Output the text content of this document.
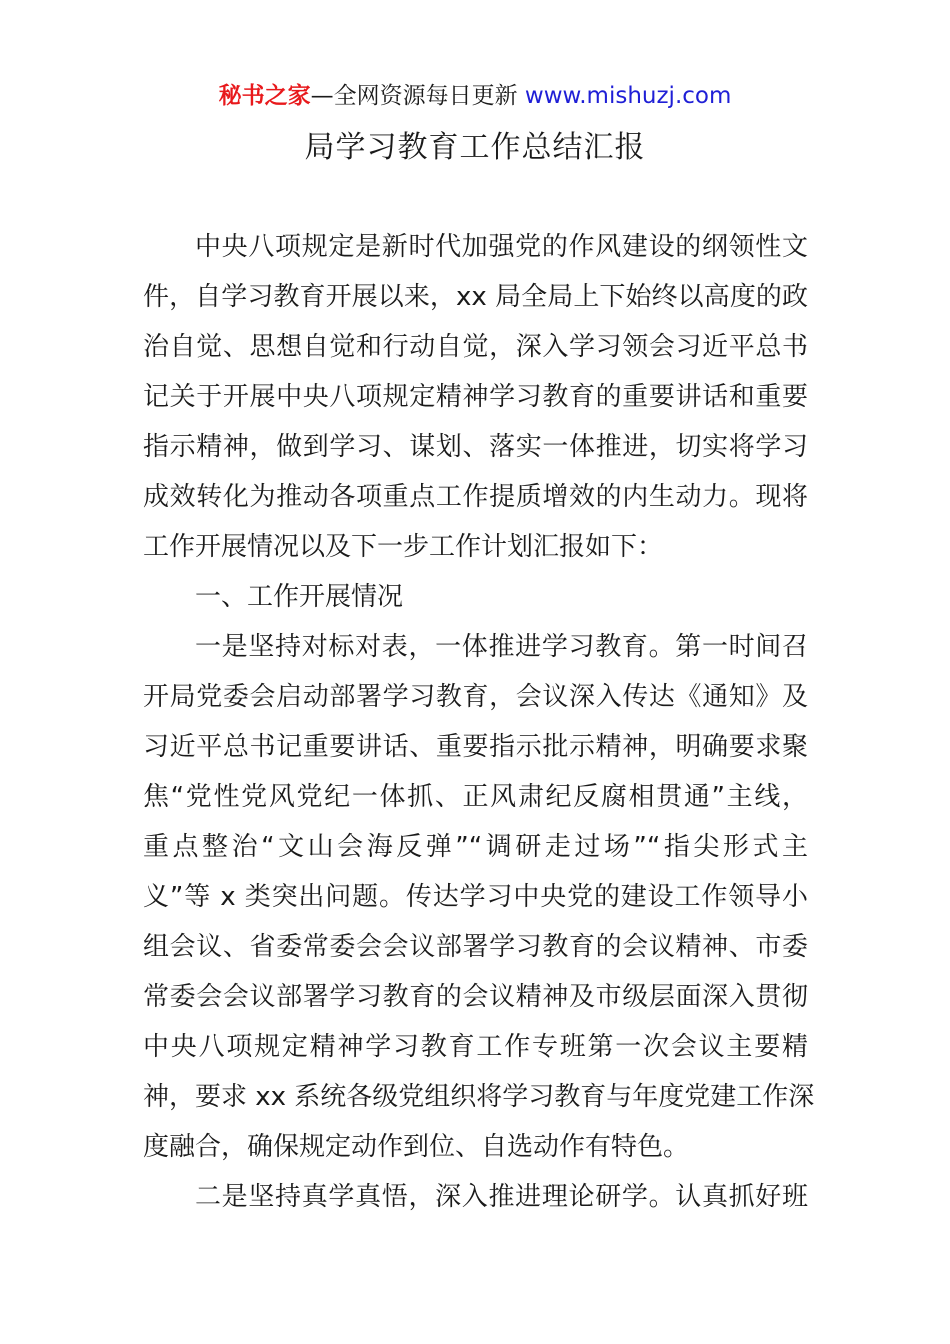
秘书之家—全网资源每日更新 www.mishuzj.com
局学习教育工作总结汇报
中央八项规定是新时代加强党的作风建设的纲领性文
件，自学习教育开展以来，xx 局全局上下始终以高度的政
治自觉、思想自觉和行动自觉，深入学习领会习近平总书
记关于开展中央八项规定精神学习教育的重要讲话和重要
指示精神，做到学习、谋划、落实一体推进，切实将学习
成效转化为推动各项重点工作提质增效的内生动力。现将
工作开展情况以及下一步工作计划汇报如下：
一、工作开展情况
一是坚持对标对表，一体推进学习教育。第一时间召
开局党委会启动部署学习教育，会议深入传达《通知》及
习近平总书记重要讲话、重要指示批示精神，明确要求聚
焦“党性党风党纪一体抓、正风肃纪反腐相贯通”主线，
重点整治“文山会海反弹”“调研走过场”“指尖形式主
义”等 x 类突出问题。传达学习中央党的建设工作领导小
组会议、省委常委会会议部署学习教育的会议精神、市委
常委会会议部署学习教育的会议精神及市级层面深入贯彻
中央八项规定精神学习教育工作专班第一次会议主要精
神，要求 xx 系统各级党组织将学习教育与年度党建工作深
度融合，确保规定动作到位、自选动作有特色。
二是坚持真学真悟，深入推进理论研学。认真抓好班
